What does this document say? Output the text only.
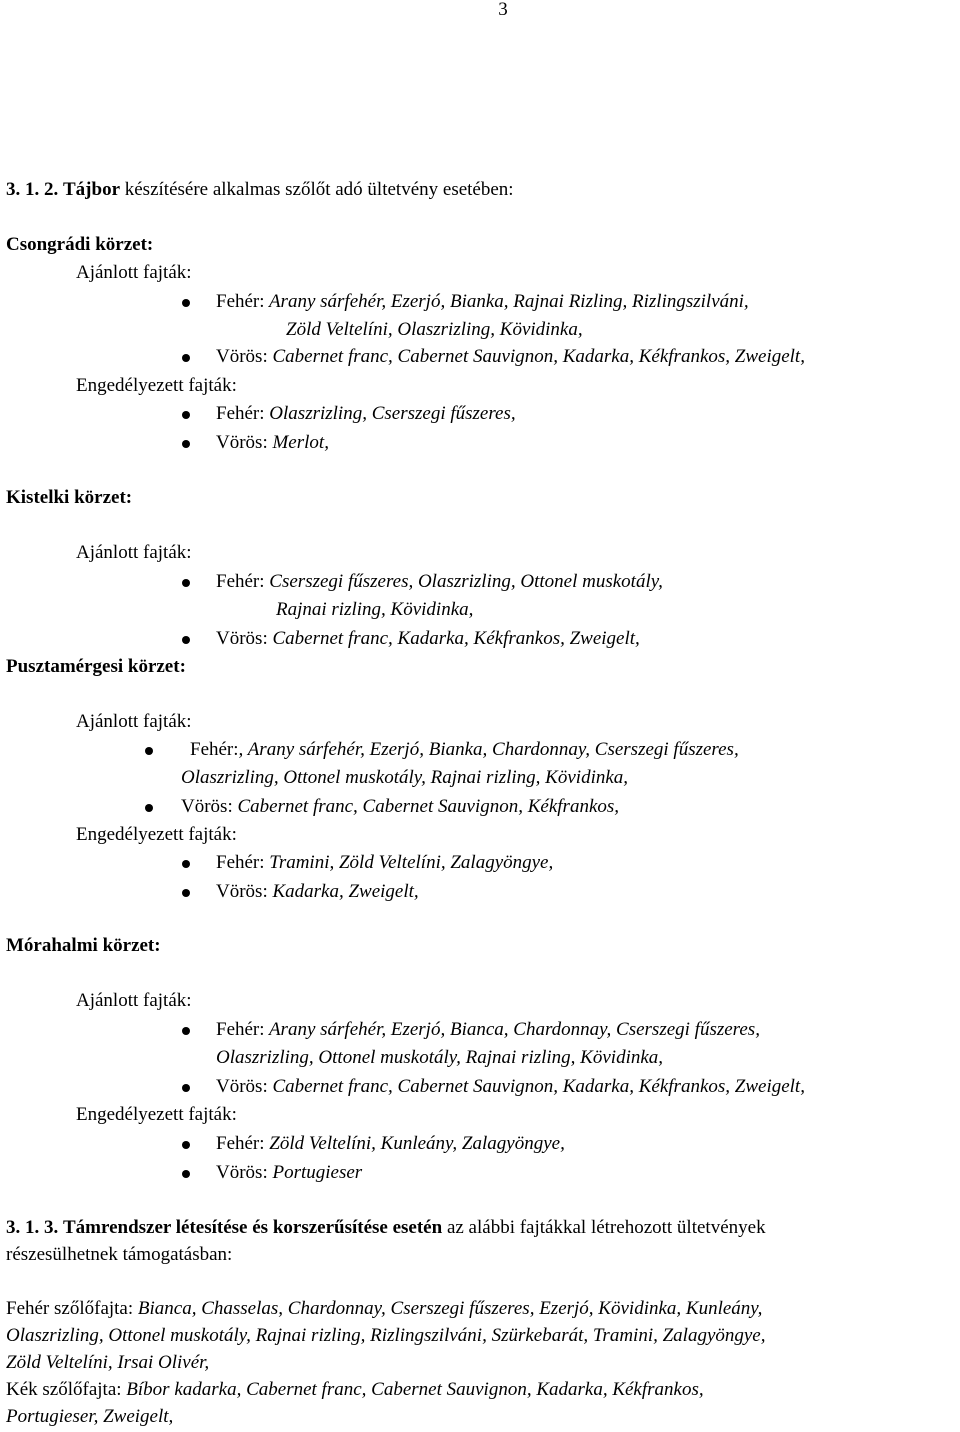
3
3. 1. 2. Tájbor készítésére alkalmas szőlőt adó ültetvény esetében:
Csongrádi körzet:
Ajánlott fajták:
Fehér: Arany sárfehér, Ezerjó, Bianka, Rajnai Rizling, Rizlingszilváni,
Zöld Veltelíni, Olaszrizling, Kövidinka,
Vörös: Cabernet franc, Cabernet Sauvignon, Kadarka, Kékfrankos, Zweigelt,
Engedélyezett fajták:
Fehér: Olaszrizling, Cserszegi fűszeres,
Vörös: Merlot,
Kistelki körzet:
Ajánlott fajták:
Fehér: Cserszegi fűszeres, Olaszrizling, Ottonel muskotály,
Rajnai rizling, Kövidinka,
Vörös: Cabernet franc, Kadarka, Kékfrankos, Zweigelt,
Pusztamérgesi körzet:
Ajánlott fajták:
Fehér:, Arany sárfehér, Ezerjó, Bianka, Chardonnay, Cserszegi fűszeres,
Olaszrizling, Ottonel muskotály, Rajnai rizling, Kövidinka,
Vörös: Cabernet franc, Cabernet Sauvignon, Kékfrankos,
Engedélyezett fajták:
Fehér: Tramini, Zöld Veltelíni, Zalagyöngye,
Vörös: Kadarka, Zweigelt,
Mórahalmi körzet:
Ajánlott fajták:
Fehér: Arany sárfehér, Ezerjó, Bianca, Chardonnay, Cserszegi fűszeres,
Olaszrizling, Ottonel muskotály, Rajnai rizling, Kövidinka,
Vörös: Cabernet franc, Cabernet Sauvignon, Kadarka, Kékfrankos, Zweigelt,
Engedélyezett fajták:
Fehér: Zöld Veltelíni, Kunleány, Zalagyöngye,
Vörös: Portugieser
3. 1. 3. Támrendszer létesítése és korszerűsítése esetén az alábbi fajtákkal létrehozott ültetvények
részesülhetnek támogatásban:
Fehér szőlőfajta: Bianca, Chasselas, Chardonnay, Cserszegi fűszeres, Ezerjó, Kövidinka, Kunleány,
Olaszrizling, Ottonel muskotály, Rajnai rizling, Rizlingszilváni, Szürkebarát, Tramini, Zalagyöngye,
Zöld Veltelíni, Irsai Olivér,
Kék szőlőfajta: Bíbor kadarka, Cabernet franc, Cabernet Sauvignon, Kadarka, Kékfrankos,
Portugieser, Zweigelt,
